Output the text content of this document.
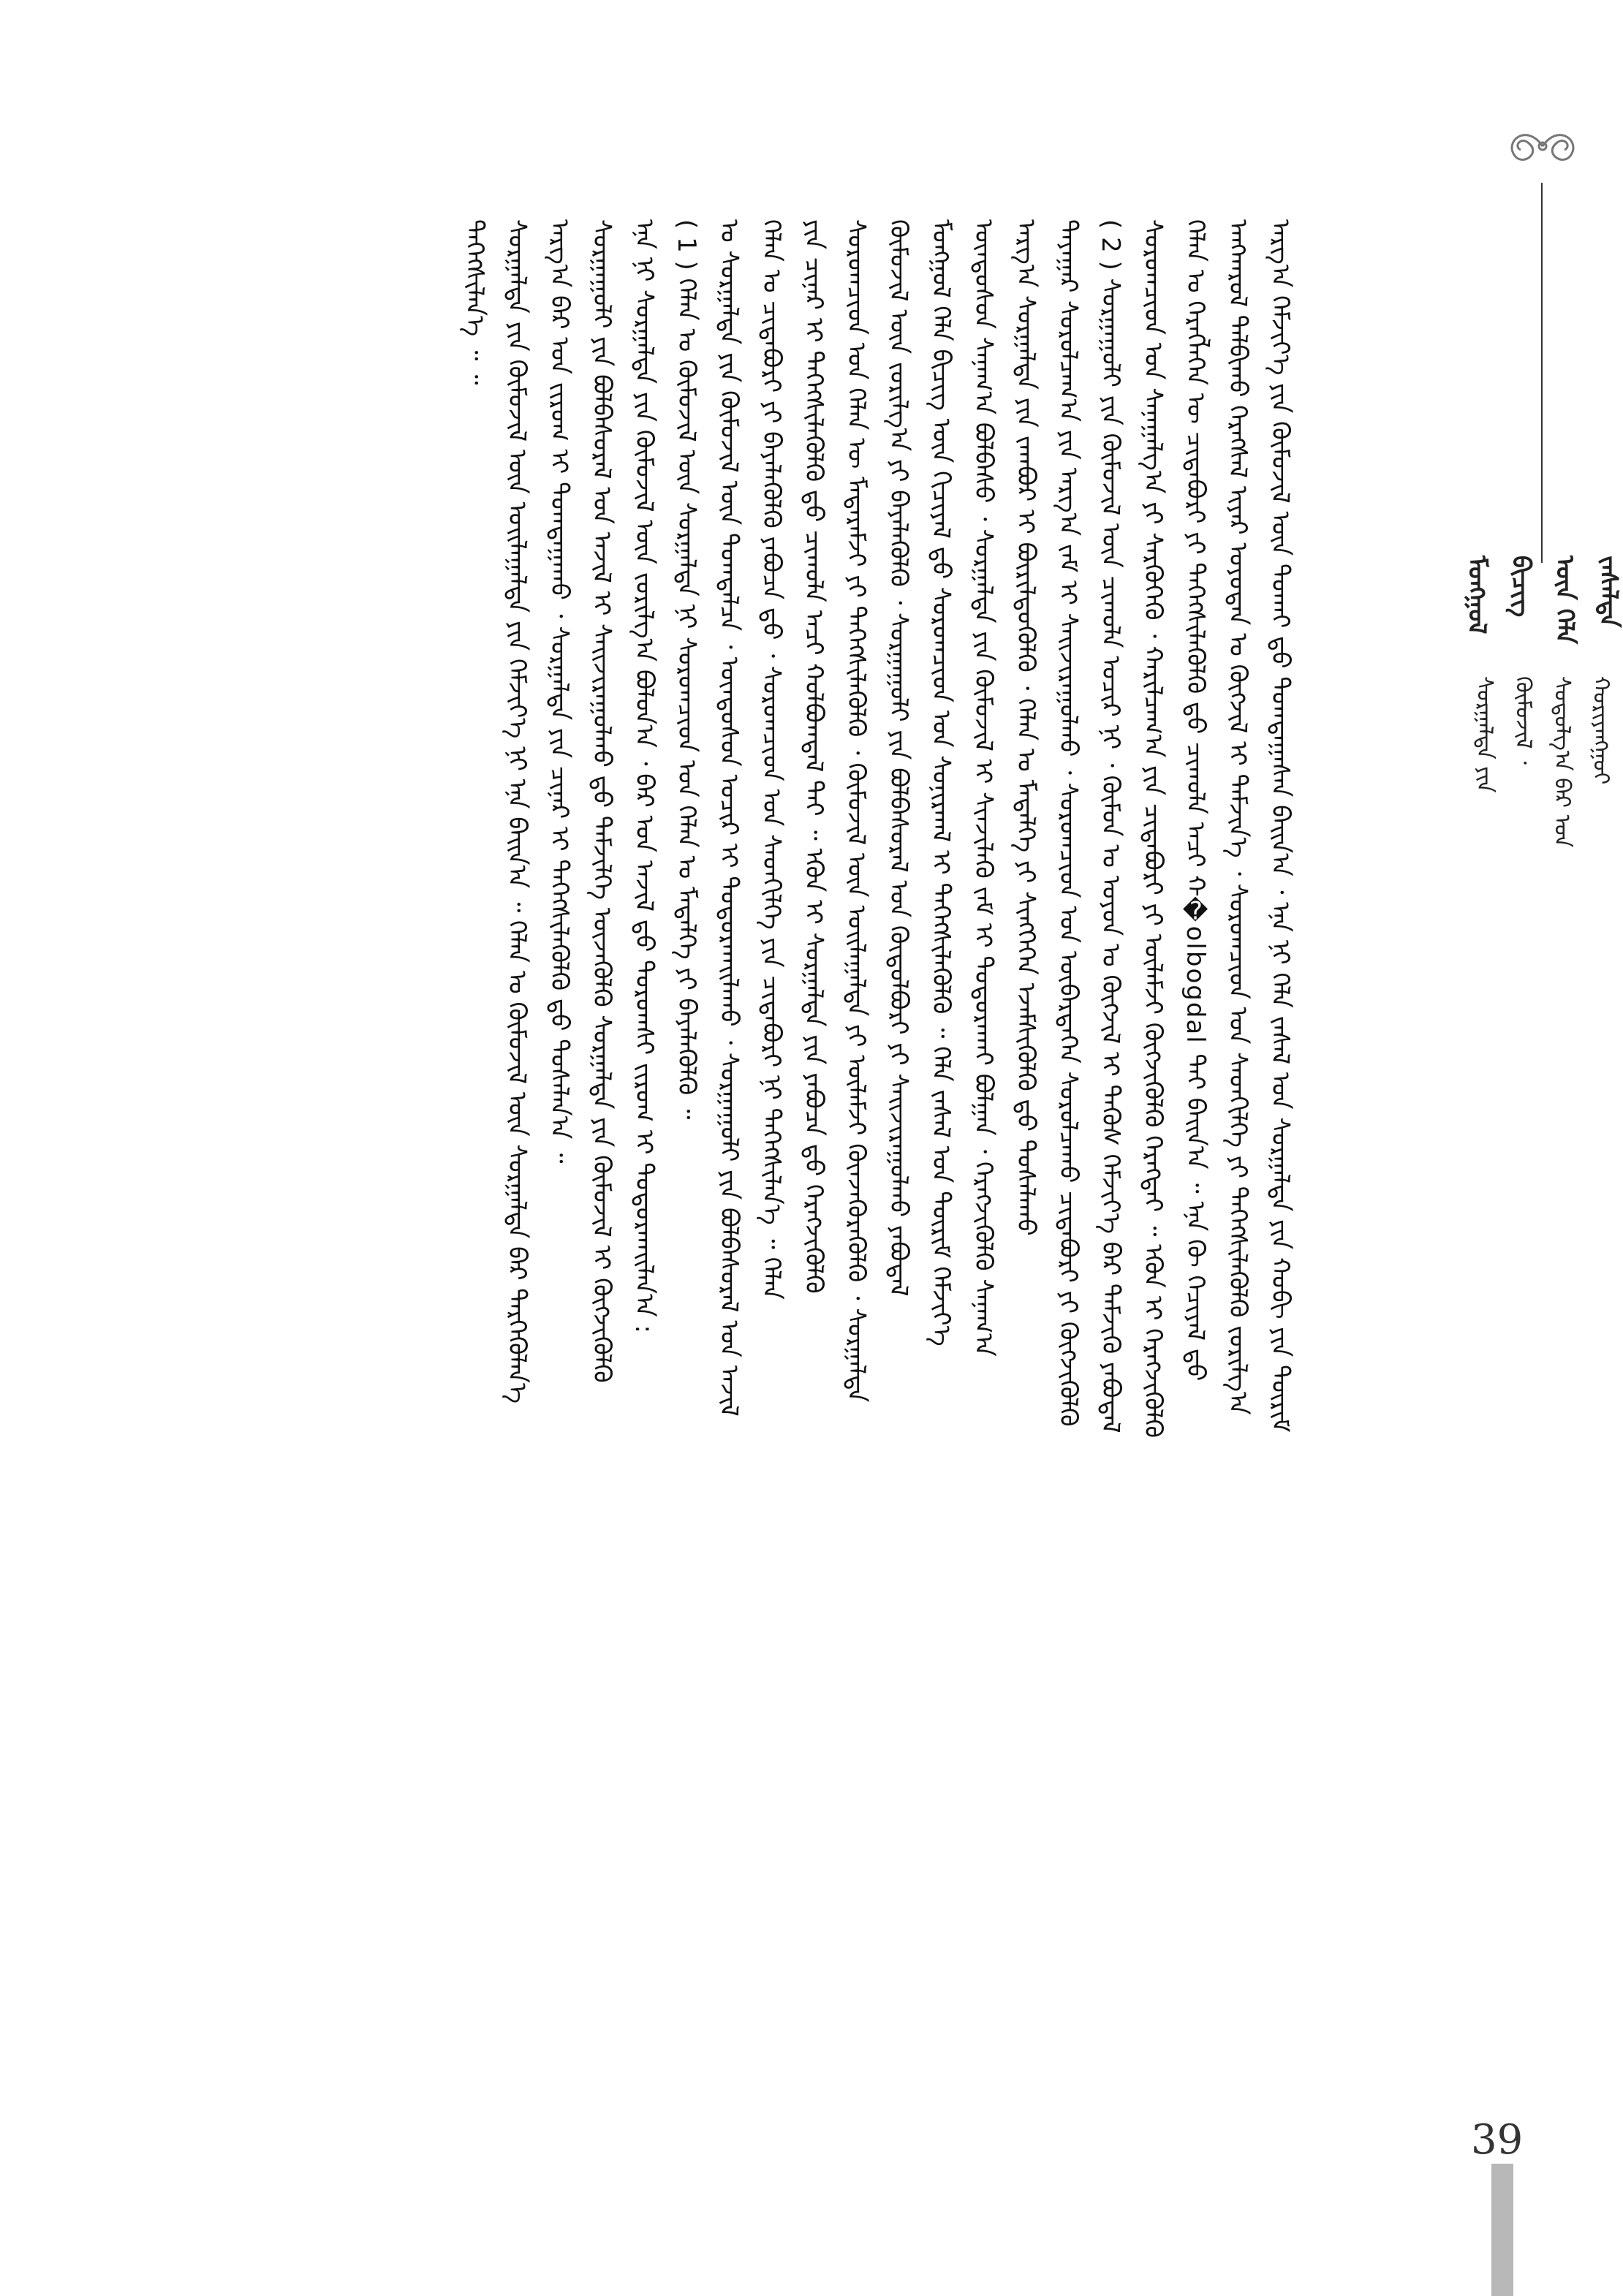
ᠮᠣᠩᠭᠣᠯ ᠪᠢᠴᠢᠭ᠌ ᠦᠨ ᠬᠡᠯᠡ ᠵᠠᠰᠠᠯᠲᠠ
ᠰᠤᠷᠭᠠᠯᠲᠠ ᠶᠢᠨ ᠬᠦᠮᠦᠵᠢᠯ ᠂ ᠰᠤᠳᠤᠯᠭ᠎ᠠ ᠪᠠᠷ ᠤᠨ ᠬᠤᠷᠢᠶᠠᠩᠭᠤᠢ
ᠠᠷᠭ᠎ᠠ ᠬᠡᠮᠵᠢᠶ᠎ᠡ ᠶᠢᠨ ᠬᠦᠮᠦᠵᠢᠯ ᠦᠨ ᠲᠤᠬᠠᠢ ᠳ᠋ᠤ ᠲᠣᠭᠲᠠᠭᠠᠰᠠᠨ ᠪᠠᠢᠨ᠎ᠠ ᠂ ᠡᠨᠡ ᠨᠢ ᠬᠡᠯᠡ ᠵᠠᠰᠠᠯ ᠤᠨ ᠰᠤᠷᠭᠠᠯᠲᠠ ᠶᠢᠨ ᠬᠤᠪᠢ ᠶᠢᠨ ᠳᠦᠷᠢᠮ
ᠠᠩᠬᠠᠷᠤᠯ ᠲᠠᠯᠪᠢᠬᠤ ᠬᠡᠷᠡᠭᠰᠡᠯ ᠢᠶᠡᠷ ᠣᠶᠤᠲᠠᠨ ᠤ ᠬᠥᠭᠵᠢᠯ ᠢ ᠳᠡᠮᠵᠢᠨ᠎ᠡ ᠂ ᠰᠤᠷᠤᠭᠴᠢᠳ ᠤᠨ ᠰᠡᠳᠬᠢᠯᠭᠡ ᠶᠢ ᠳᠡᠭᠡᠭᠰᠢᠯᠡᠭᠦᠯᠬᠦ ᠵᠣᠷᠢᠯᠭ᠎ᠠ
ᠬᠡᠯᠡᠨ ᠤ ᠬᠡᠷᠡᠭᠯᠡᠭᠡᠨ ᠦ ᠴᠢᠳᠠᠪᠤᠷᠢ ᠶᠢ ᠳᠡᠭᠡᠭᠰᠢᠯᠡᠭᠦᠯᠬᠦ ᠳ᠋ᠤ ᠴᠢᠬᠤᠯᠠ ᠠᠴᠢ ᠬ�olbogdal ᠲᠠᠢ ᠪᠠᠢᠨ᠎ᠠ ᠃ ᠡᠨᠡ ᠬᠦ ᠬᠡᠴᠢᠶᠡᠯ ᠳ᠋ᠤ
ᠰᠤᠷᠤᠭᠴᠢᠳ ᠤᠨ ᠰᠠᠨᠠᠭᠠᠯᠭ᠎ᠠ ᠶᠢ ᠰᠡᠷᠭᠦᠭᠡᠬᠦ ᠂ ᠬᠠᠷᠢᠯᠴᠠᠭ᠎ᠠ ᠶᠢᠨ ᠴᠢᠳᠠᠪᠤᠷᠢ ᠶᠢ ᠦᠯᠡᠮᠵᠢ ᠬᠥᠭᠵᠢᠭᠦᠯᠬᠦ ᠬᠡᠷᠡᠭᠲᠡᠢ ᠃ ᠡᠭᠦᠨ ᠢ ᠬᠡᠷᠡᠭᠵᠢᠭᠦᠯᠬᠦ
( 2 ) ᠰᠤᠷᠭᠠᠭᠤᠯᠢ ᠶᠢᠨ ᠬᠦᠮᠦᠵᠢᠯ ᠦᠨ ᠴᠢᠬᠤᠯᠠ ᠤᠴᠢᠷ ᠨᠢ ᠂ ᠬᠦᠮᠦᠨ ᠤ ᠣᠶᠤᠨ ᠤ ᠬᠥᠭᠵᠢᠯ ᠢ ᠲᠡᠭᠦᠰ ᠬᠡᠮᠵᠢᠶ᠎ᠡ ᠪᠡᠷ ᠳᠡᠮᠵᠢᠬᠦ ᠶᠠᠪᠤᠳᠠᠯ
ᠳᠠᠶᠠᠭᠠᠷ ᠰᠤᠷᠤᠯᠴᠠᠭ᠎ᠠ ᠶᠢᠨ ᠠᠷᠭ᠎ᠠ ᠵᠠᠮ ᠢ ᠰᠠᠢᠵᠢᠷᠠᠭᠤᠯᠬᠤ ᠂ ᠰᠤᠷᠤᠭᠴᠢᠳ ᠤᠨ ᠥᠪᠡᠷᠲᠡᠭᠡᠨ ᠰᠤᠷᠤᠯᠴᠠᠬᠤ ᠴᠢᠳᠠᠪᠤᠷᠢ ᠶᠢ ᠬᠥᠭᠵᠢᠭᠦᠯᠬᠦ
ᠠᠷᠭ᠎ᠠ ᠰᠤᠷᠭᠠᠯᠲᠠ ᠶᠢᠨ ᠵᠠᠭᠪᠤᠷ ᠢ ᠪᠦᠷᠢᠯᠳᠦᠭᠦᠯᠬᠦ ᠂ ᠬᠡᠯᠡᠨ ᠤ ᠮᠡᠳᠡᠯᠭᠡ ᠶᠢ ᠰᠢᠩᠭᠡᠭᠡᠨ ᠡᠵᠡᠮᠰᠢᠭᠦᠯᠬᠦ ᠳ᠋ᠤ ᠲᠤᠰᠠᠯᠠᠬᠤ
ᠦᠨᠳᠦᠰᠦᠨ ᠰᠠᠨᠠᠭ᠎ᠠ ᠪᠣᠯᠪᠠᠰᠤ ᠂ ᠰᠤᠷᠭᠠᠯᠲᠠ ᠶᠢᠨ ᠬᠦᠮᠦᠵᠢᠯ ᠢ ᠰᠢᠨᠵᠢᠯᠡᠬᠦ ᠵᠠᠮ ᠢ ᠲᠣᠳᠣᠷᠠᠬᠠᠢ ᠪᠣᠯᠭᠠᠨ ᠂ ᠬᠡᠷᠡᠭᠵᠢᠭᠦᠯᠬᠦ ᠰᠠᠨᠠᠭ᠎ᠠ
ᠮᠣᠩᠭᠣᠯ ᠬᠡᠯᠡ ᠪᠢᠴᠢᠭ ᠦᠨ ᠬᠢᠴᠢᠶᠡᠯ ᠳ᠋ᠤ ᠰᠤᠷᠤᠭᠴᠢᠳ ᠤᠨ ᠰᠤᠨᠢᠷᠬᠠᠯ ᠢ ᠳᠡᠭᠡᠭᠰᠢᠯᠡᠭᠦᠯᠬᠦ ᠃ ᠬᠡᠯᠡ ᠵᠠᠰᠠᠯ ᠤᠨ ᠳᠦᠷᠢᠮ ᠬᠡᠮᠵᠢᠶ᠎ᠡ
ᠬᠦᠮᠦᠵᠢᠯ ᠦᠨ ᠵᠣᠷᠢᠯᠭ᠎ᠠ ᠶᠢ ᠪᠡᠶᠡᠯᠡᠭᠦᠯᠬᠦ ᠂ ᠰᠤᠷᠭᠠᠭᠤᠯᠢ ᠶᠢᠨ ᠪᠣᠯᠪᠠᠰᠤᠷᠠᠯ ᠤᠨ ᠬᠥᠲᠥᠯᠪᠦᠷᠢ ᠶᠢ ᠰᠠᠢᠵᠢᠷᠠᠭᠤᠯᠬᠤ ᠶᠠᠪᠤᠳᠠᠯ
ᠰᠤᠷᠤᠭᠴᠢᠳ ᠤᠨ ᠬᠡᠯᠡᠨ ᠦ ᠮᠡᠳᠡᠷᠡᠮᠵᠢ ᠶᠢ ᠳᠡᠭᠡᠭᠰᠢᠯᠡᠭᠦᠯᠬᠦ ᠂ ᠬᠦᠮᠦᠵᠢᠯ ᠦᠨ ᠣᠢᠯᠠᠭᠠᠯᠲᠠ ᠶᠢ ᠦᠯᠡᠮᠵᠢ ᠭᠦᠨᠵᠡᠭᠦᠷᠡᠭᠦᠯᠬᠦ ᠂ ᠰᠤᠷᠭᠠᠯᠲᠠ
ᠶᠢᠨ ᠴᠢᠨᠠᠷ ᠢ ᠳᠡᠭᠡᠭᠰᠢᠯᠡᠭᠦᠯᠬᠦ ᠳ᠋ᠤ ᠴᠢᠬᠤᠯᠠ ᠠᠴᠢ ᠬᠣᠯᠪᠣᠭᠳᠠᠯ ᠲᠠᠢ ᠃ ᠡᠭᠦᠨ ᠢ ᠰᠤᠷᠭᠠᠯᠲᠠ ᠶᠢᠨ ᠶᠠᠪᠤᠴᠠ ᠳ᠋ᠤ ᠬᠡᠷᠡᠭᠵᠢᠭᠦᠯᠬᠦ
ᠬᠡᠯᠡᠨ ᠤ ᠴᠢᠳᠠᠪᠤᠷᠢ ᠶᠢ ᠪᠡᠶᠡᠯᠡᠭᠦᠯᠬᠦ ᠶᠠᠪᠤᠴᠠ ᠳ᠋ᠤ ᠂ ᠰᠤᠷᠤᠭᠴᠢᠳ ᠤᠨ ᠰᠡᠳᠬᠢᠯᠭᠡ ᠶᠢᠨ ᠴᠢᠳᠠᠪᠤᠷᠢ ᠨᠢ ᠳᠡᠭᠡᠭᠰᠢᠯᠡᠨ᠎ᠡ ᠃ ᠬᠡᠯᠡᠨ
ᠤ ᠰᠤᠷᠭᠠᠯᠲᠠ ᠶᠢᠨ ᠬᠦᠮᠦᠵᠢᠯ ᠦᠨ ᠲᠣᠭᠲᠠᠯᠴᠠ ᠂ ᠦᠨᠳᠦᠰᠦᠨ ᠤᠴᠢᠷ ᠢ ᠲᠣᠳᠣᠷᠬᠠᠢᠯᠠᠬᠤ ᠂ ᠰᠤᠷᠭᠠᠭᠤᠯᠢ ᠶᠢᠨ ᠪᠣᠯᠪᠠᠰᠤᠷᠠᠯ ᠤᠨ ᠠᠵᠢᠯ
( 1 ) ᠬᠡᠯᠡᠨ ᠤ ᠬᠦᠮᠦᠵᠢᠯ ᠦᠨ ᠰᠤᠷᠭᠠᠯᠲᠠ ᠨᠢ ᠰᠤᠷᠤᠭᠴᠢᠳ ᠤᠨ ᠬᠡᠯᠡᠨ ᠤ ᠮᠡᠳᠡᠯᠭᠡ ᠶᠢ ᠪᠡᠶᠡᠯᠡᠭᠦᠯᠬᠦ ᠃
ᠡᠨᠡ ᠨᠢ ᠰᠤᠷᠭᠠᠯᠲᠠ ᠶᠢᠨ ᠬᠦᠮᠦᠵᠢᠯ ᠦᠨ ᠵᠣᠷᠢᠯᠭ᠎ᠠ ᠪᠣᠯᠤᠨ᠎ᠠ ᠂ ᠪᠠᠷ ᠤᠨ ᠠᠵᠢᠯ ᠳ᠋ᠤ ᠳᠣᠷᠤᠭᠰᠢ ᠵᠢᠷᠤᠭ ᠢ ᠲᠣᠳᠣᠷᠬᠠᠢᠯᠠᠨ᠎ᠠ :
ᠰᠤᠷᠭᠠᠭᠤᠯᠢ ᠶᠢᠨ ᠪᠣᠯᠪᠠᠰᠤᠷᠠᠯ ᠤᠨ ᠠᠵᠢᠯ ᠢ ᠰᠠᠢᠵᠢᠷᠠᠭᠤᠯᠬᠤ ᠳ᠋ᠤ ᠳᠡᠮᠵᠢᠯᠭᠡ ᠦᠵᠡᠭᠦᠯᠬᠦ ᠰᠤᠷᠭᠠᠯᠲᠠ ᠶᠢᠨ ᠬᠦᠮᠦᠵᠢᠯ ᠢ ᠬᠥᠭᠵᠢᠭᠦᠯᠬᠦ
ᠠᠷᠭ᠎ᠠ ᠪᠠᠷ ᠤᠨ ᠵᠢᠷᠤᠭ ᠢ ᠲᠣᠭᠲᠠᠭᠠᠬᠤ ᠂ ᠰᠤᠷᠭᠠᠯᠲᠠ ᠶᠢᠨ ᠴᠢᠨᠠᠷ ᠢ ᠳᠡᠭᠡᠭᠰᠢᠯᠡᠭᠦᠯᠬᠦ ᠳ᠋ᠤ ᠲᠤᠰᠠᠯᠠᠨ᠎ᠠ ᠃
ᠰᠤᠷᠭᠠᠯᠲᠠ ᠶᠢᠨ ᠬᠦᠮᠦᠵᠢᠯ ᠦᠨ ᠣᠢᠯᠠᠭᠠᠯᠲᠠ ᠶᠢᠨ ᠬᠡᠮᠵᠢᠶ᠎ᠡ ᠨᠢ ᠡᠨᠡ ᠪᠠᠢᠨ᠎ᠠ ᠃ ᠬᠡᠯᠡᠨ ᠤ ᠬᠦᠮᠦᠵᠢᠯ ᠦᠨ ᠰᠤᠷᠭᠠᠯᠲᠠ ᠪᠡᠷ ᠲᠡᠷᠭᠡᠭᠦᠯᠡᠨ᠎ᠡ
ᠳᠡᠭᠡᠭᠰᠢᠯᠡᠨ᠎ᠡ ᠃ ᠃
39
